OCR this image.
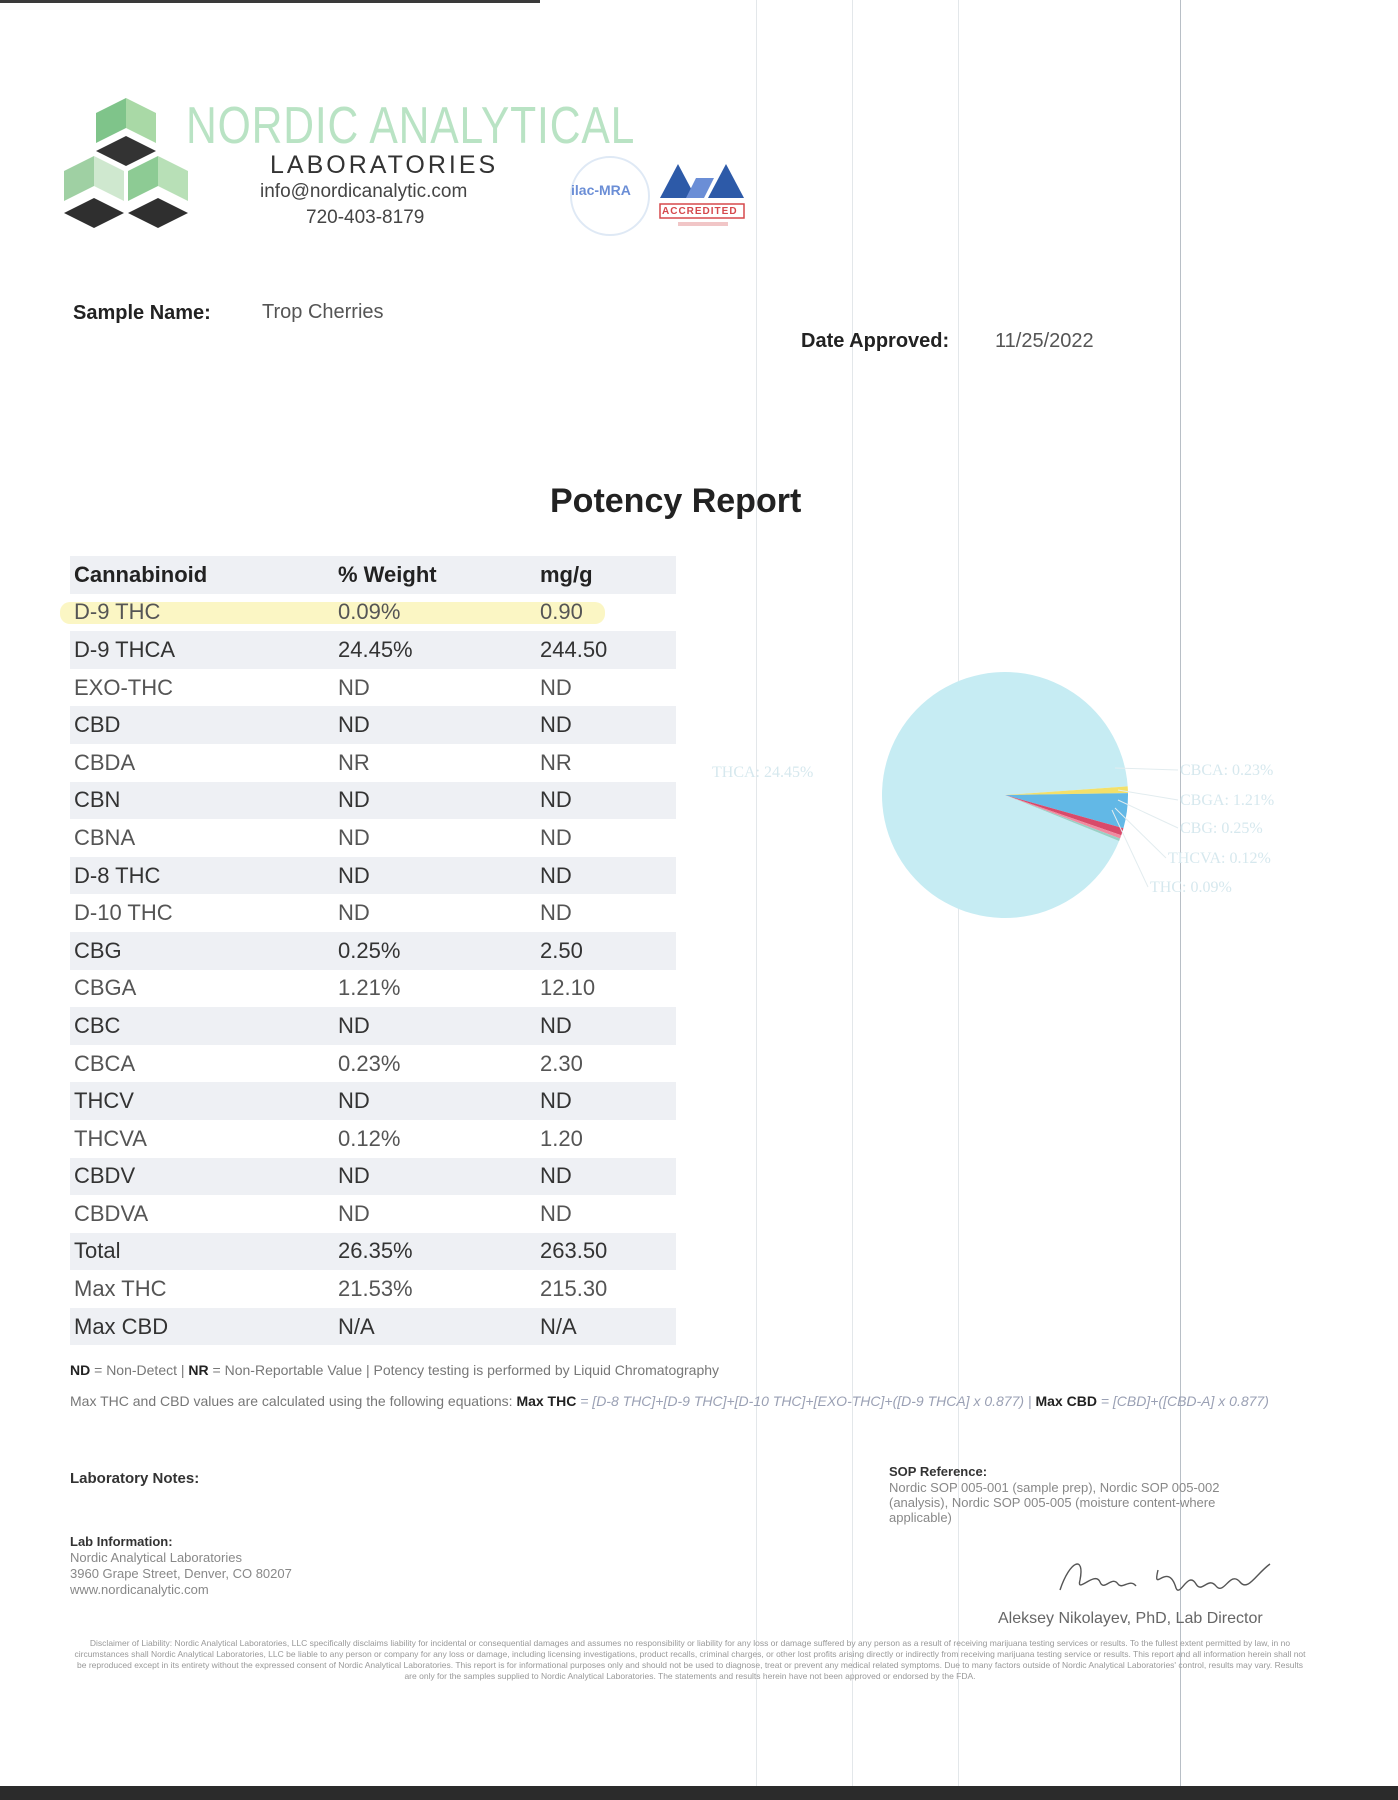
NORDIC ANALYTICAL
LABORATORIES
info@nordicanalytic.com
720-403-8179
ilac-MRA
ACCREDITED
Sample Name:	Trop Cherries
Date Approved: 11/25/2022
Potency Report
Cannabinoid	% Weight	mg/g
D-9 THC	0.09%	0.90
D-9 THCA	24.45%	244.50
EXO-THC	ND	ND
CBD	ND	ND
CBDA	NR	NR
CBN	ND	ND
CBNA	ND	ND
D-8 THC	ND	ND
D-10 THC	ND	ND
CBG	0.25%	2.50
CBGA	1.21%	12.10
CBC	ND	ND
CBCA	0.23%	2.30
THCV	ND	ND
THCVA	0.12%	1.20
CBDV	ND	ND
CBDVA	ND	ND
Total	26.35%	263.50
Max THC	21.53%	215.30
Max CBD	N/A	N/A
THCA: 24.45%	CBCA: 0.23%
CBGA: 1.21%
CBG: 0.25%
THCVA: 0.12%
THC: 0.09%
ND = Non-Detect | NR = Non-Reportable Value | Potency testing is performed by Liquid Chromatography
Max THC and CBD values are calculated using the following equations: Max THC = [D-8 THC]+[D-9 THC]+[D-10 THC]+[EXO-THC]+([D-9 THCA] x 0.877) | Max CBD = [CBD]+([CBD-A] x 0.877)
Laboratory Notes:	SOP Reference:
Nordic SOP 005-001 (sample prep), Nordic SOP 005-002 (analysis), Nordic SOP 005-005 (moisture content-where applicable)
Lab Information:
Nordic Analytical Laboratories
3960 Grape Street, Denver, CO 80207
www.nordicanalytic.com
Aleksey Nikolayev, PhD, Lab Director
Disclaimer of Liability: Nordic Analytical Laboratories, LLC specifically disclaims liability for incidental or consequential damages and assumes no responsibility or liability for any loss or damage suffered by any person as a result of receiving marijuana testing services or results. To the fullest extent permitted by law, in no circumstances shall Nordic Analytical Laboratories, LLC be liable to any person or company for any loss or damage, including licensing investigations, product recalls, criminal charges, or other lost profits arising directly or indirectly from receiving marijuana testing service or results. This report and all information herein shall not be reproduced except in its entirety without the expressed consent of Nordic Analytical Laboratories. This report is for informational purposes only and should not be used to diagnose, treat or prevent any medical related symptoms. Due to many factors outside of Nordic Analytical Laboratories' control, results may vary. Results are only for the samples supplied to Nordic Analytical Laboratories. The statements and results herein have not been approved or endorsed by the FDA.
